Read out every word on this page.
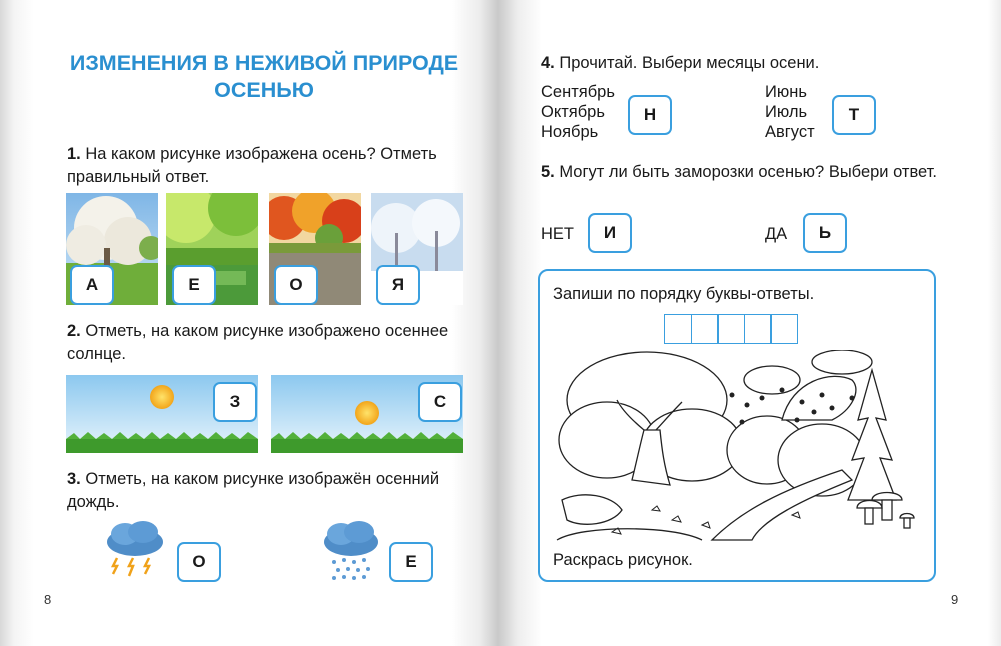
ИЗМЕНЕНИЯ В НЕЖИВОЙ ПРИРОДЕ ОСЕНЬЮ
1. На каком рисунке изображена осень? Отметь правильный ответ.
А	Е	О	Я
2. Отметь, на каком рисунке изображено осеннее солнце.
З	С
3. Отметь, на каком рисунке изображён осенний дождь.
О	Е
8
4. Прочитай. Выбери месяцы осени.
Сентябрь
Октябрь
Ноябрь
Н
Июнь
Июль
Август
Т
5. Могут ли быть заморозки осенью? Выбери ответ.
НЕТ	И	ДА	Ь
Запиши по порядку буквы-ответы.
Раскрась рисунок.
9
